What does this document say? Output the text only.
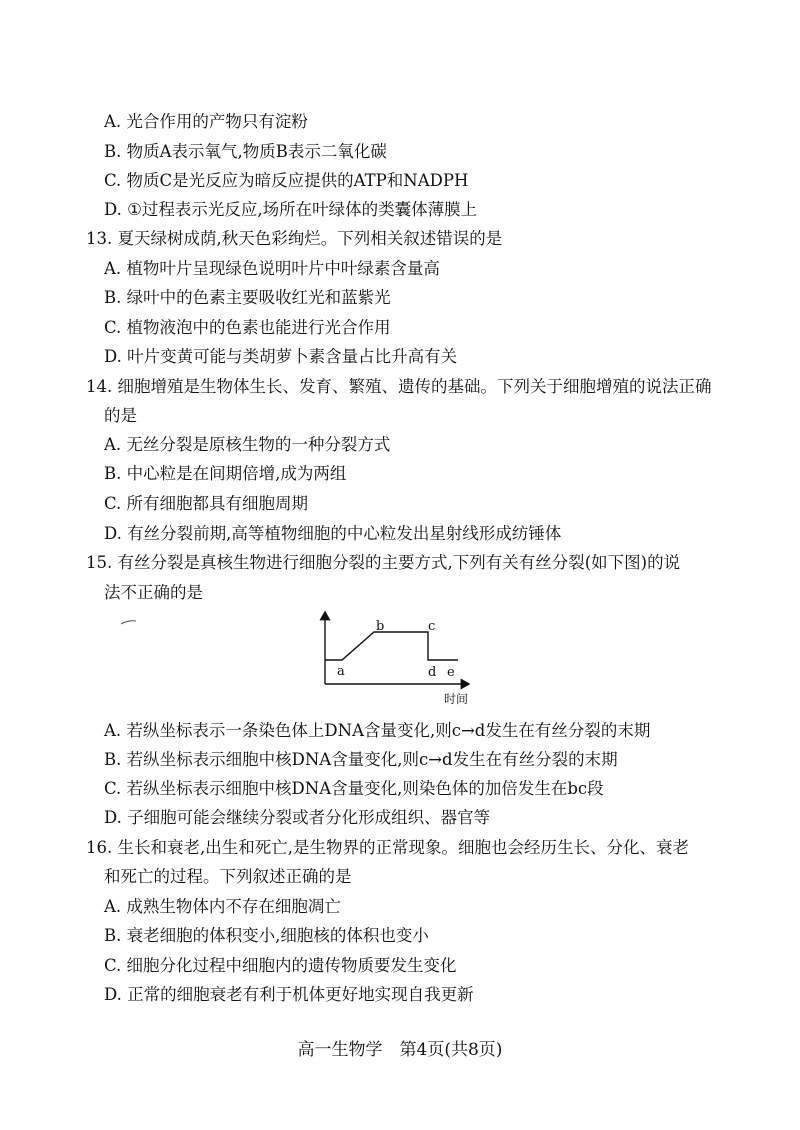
A. 光合作用的产物只有淀粉
B. 物质A表示氧气,物质B表示二氧化碳
C. 物质C是光反应为暗反应提供的ATP和NADPH
D. ①过程表示光反应,场所在叶绿体的类囊体薄膜上
13. 夏天绿树成荫,秋天色彩绚烂。下列相关叙述错误的是
A. 植物叶片呈现绿色说明叶片中叶绿素含量高
B. 绿叶中的色素主要吸收红光和蓝紫光
C. 植物液泡中的色素也能进行光合作用
D. 叶片变黄可能与类胡萝卜素含量占比升高有关
14. 细胞增殖是生物体生长、发育、繁殖、遗传的基础。下列关于细胞增殖的说法正确
的是
A. 无丝分裂是原核生物的一种分裂方式
B. 中心粒是在间期倍增,成为两组
C. 所有细胞都具有细胞周期
D. 有丝分裂前期,高等植物细胞的中心粒发出星射线形成纺锤体
15. 有丝分裂是真核生物进行细胞分裂的主要方式,下列有关有丝分裂(如下图)的说
法不正确的是
a
b	c
d e
时间
A. 若纵坐标表示一条染色体上DNA含量变化,则c→d发生在有丝分裂的末期
B. 若纵坐标表示细胞中核DNA含量变化,则c→d发生在有丝分裂的末期
C. 若纵坐标表示细胞中核DNA含量变化,则染色体的加倍发生在bc段
D. 子细胞可能会继续分裂或者分化形成组织、器官等
16. 生长和衰老,出生和死亡,是生物界的正常现象。细胞也会经历生长、分化、衰老
和死亡的过程。下列叙述正确的是
A. 成熟生物体内不存在细胞凋亡
B. 衰老细胞的体积变小,细胞核的体积也变小
C. 细胞分化过程中细胞内的遗传物质要发生变化
D. 正常的细胞衰老有利于机体更好地实现自我更新
高一生物学　第4页(共8页)
